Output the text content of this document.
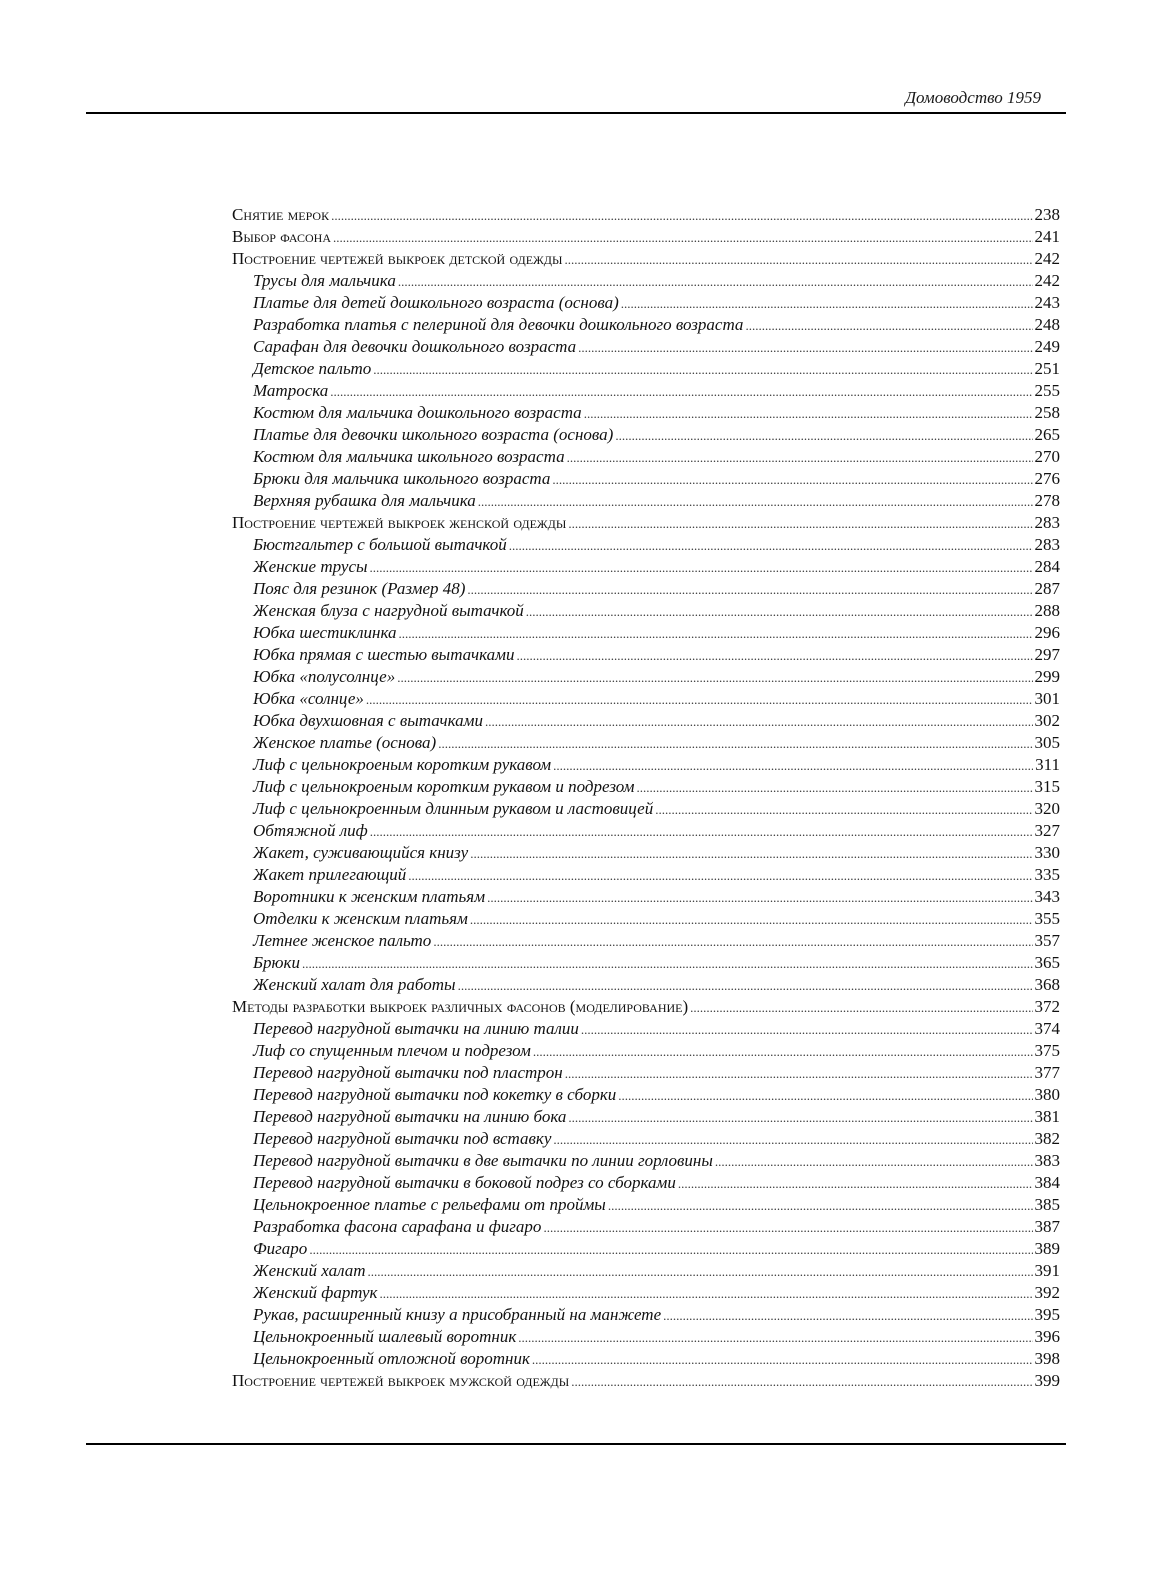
Домоводство 1959
Снятие мерок .....	238
Выбор фасона .....	241
Построение чертежей выкроек детской одежды .....	242
Трусы для мальчика .....	242
Платье для детей дошкольного возраста (основа) .....	243
Разработка платья с пелериной для девочки дошкольного возраста .....	248
Сарафан для девочки дошкольного возраста .....	249
Детское пальто .....	251
Матроска .....	255
Костюм для мальчика дошкольного возраста .....	258
Платье для девочки школьного возраста (основа) .....	265
Костюм для мальчика школьного возраста .....	270
Брюки для мальчика школьного возраста .....	276
Верхняя рубашка для мальчика .....	278
Построение чертежей выкроек женской одежды .....	283
Бюстгальтер с большой вытачкой .....	283
Женские трусы .....	284
Пояс для резинок (Размер 48) .....	287
Женская блуза с нагрудной вытачкой .....	288
Юбка шестиклинка .....	296
Юбка прямая с шестью вытачками .....	297
Юбка «полусолнце» .....	299
Юбка «солнце» .....	301
Юбка двухшовная с вытачками .....	302
Женское платье (основа) .....	305
Лиф с цельнокроеным коротким рукавом .....	311
Лиф с цельнокроеным коротким рукавом и подрезом .....	315
Лиф с цельнокроенным длинным рукавом и ластовицей .....	320
Обтяжной лиф .....	327
Жакет, суживающийся книзу .....	330
Жакет прилегающий .....	335
Воротники к женским платьям .....	343
Отделки к женским платьям .....	355
Летнее женское пальто .....	357
Брюки .....	365
Женский халат для работы .....	368
Методы разработки выкроек различных фасонов (моделирование) .....	372
Перевод нагрудной вытачки на линию талии .....	374
Лиф со спущенным плечом и подрезом .....	375
Перевод нагрудной вытачки под пластрон .....	377
Перевод нагрудной вытачки под кокетку в сборки .....	380
Перевод нагрудной вытачки на линию бока .....	381
Перевод нагрудной вытачки под вставку .....	382
Перевод нагрудной вытачки в две вытачки по линии горловины .....	383
Перевод нагрудной вытачки в боковой подрез со сборками .....	384
Цельнокроенное платье с рельефами от проймы .....	385
Разработка фасона сарафана и фигаро .....	387
Фигаро .....	389
Женский халат .....	391
Женский фартук .....	392
Рукав, расширенный книзу а присобранный на манжете .....	395
Цельнокроенный шалевый воротник .....	396
Цельнокроенный отложной воротник .....	398
Построение чертежей выкроек мужской одежды .....	399
